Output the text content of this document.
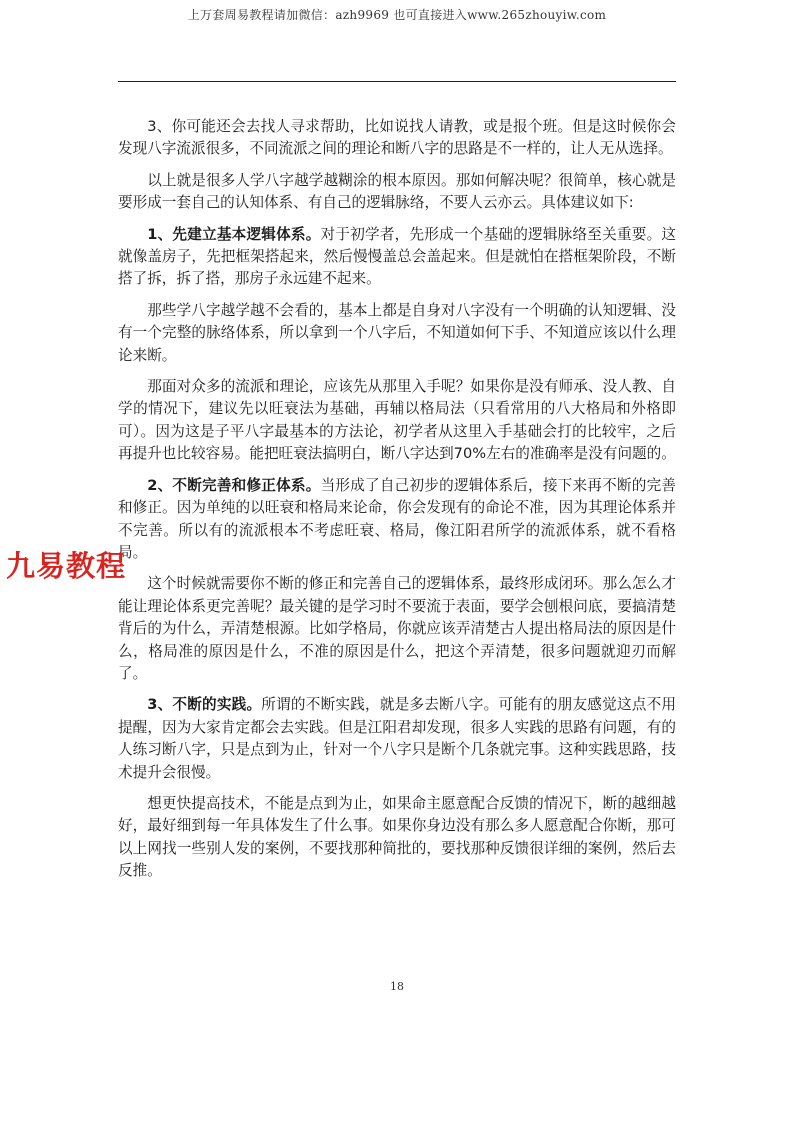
上万套周易教程请加微信：azh9969 也可直接进入www.265zhouyiw.com

3、你可能还会去找人寻求帮助，比如说找人请教，或是报个班。但是这时候你会发现八字流派很多，不同流派之间的理论和断八字的思路是不一样的，让人无从选择。

以上就是很多人学八字越学越糊涂的根本原因。那如何解决呢？很简单，核心就是要形成一套自己的认知体系、有自己的逻辑脉络，不要人云亦云。具体建议如下:

1、先建立基本逻辑体系。对于初学者，先形成一个基础的逻辑脉络至关重要。这就像盖房子，先把框架搭起来，然后慢慢盖总会盖起来。但是就怕在搭框架阶段，不断搭了拆，拆了搭，那房子永远建不起来。

那些学八字越学越不会看的，基本上都是自身对八字没有一个明确的认知逻辑、没有一个完整的脉络体系，所以拿到一个八字后，不知道如何下手、不知道应该以什么理论来断。

那面对众多的流派和理论，应该先从那里入手呢？如果你是没有师承、没人教、自学的情况下，建议先以旺衰法为基础，再辅以格局法（只看常用的八大格局和外格即可）。因为这是子平八字最基本的方法论，初学者从这里入手基础会打的比较牢，之后再提升也比较容易。能把旺衰法搞明白，断八字达到70%左右的准确率是没有问题的。

2、不断完善和修正体系。当形成了自己初步的逻辑体系后，接下来再不断的完善和修正。因为单纯的以旺衰和格局来论命，你会发现有的命论不准，因为其理论体系并不完善。所以有的流派根本不考虑旺衰、格局，像江阳君所学的流派体系，就不看格局。

这个时候就需要你不断的修正和完善自己的逻辑体系，最终形成闭环。那么怎么才能让理论体系更完善呢？最关键的是学习时不要流于表面，要学会刨根问底，要搞清楚背后的为什么，弄清楚根源。比如学格局，你就应该弄清楚古人提出格局法的原因是什么，格局准的原因是什么，不准的原因是什么，把这个弄清楚，很多问题就迎刃而解了。

3、不断的实践。所谓的不断实践，就是多去断八字。可能有的朋友感觉这点不用提醒，因为大家肯定都会去实践。但是江阳君却发现，很多人实践的思路有问题，有的人练习断八字，只是点到为止，针对一个八字只是断个几条就完事。这种实践思路，技术提升会很慢。

想更快提高技术，不能是点到为止，如果命主愿意配合反馈的情况下，断的越细越好，最好细到每一年具体发生了什么事。如果你身边没有那么多人愿意配合你断，那可以上网找一些别人发的案例，不要找那种简批的，要找那种反馈很详细的案例，然后去反推。

九易教程
18
